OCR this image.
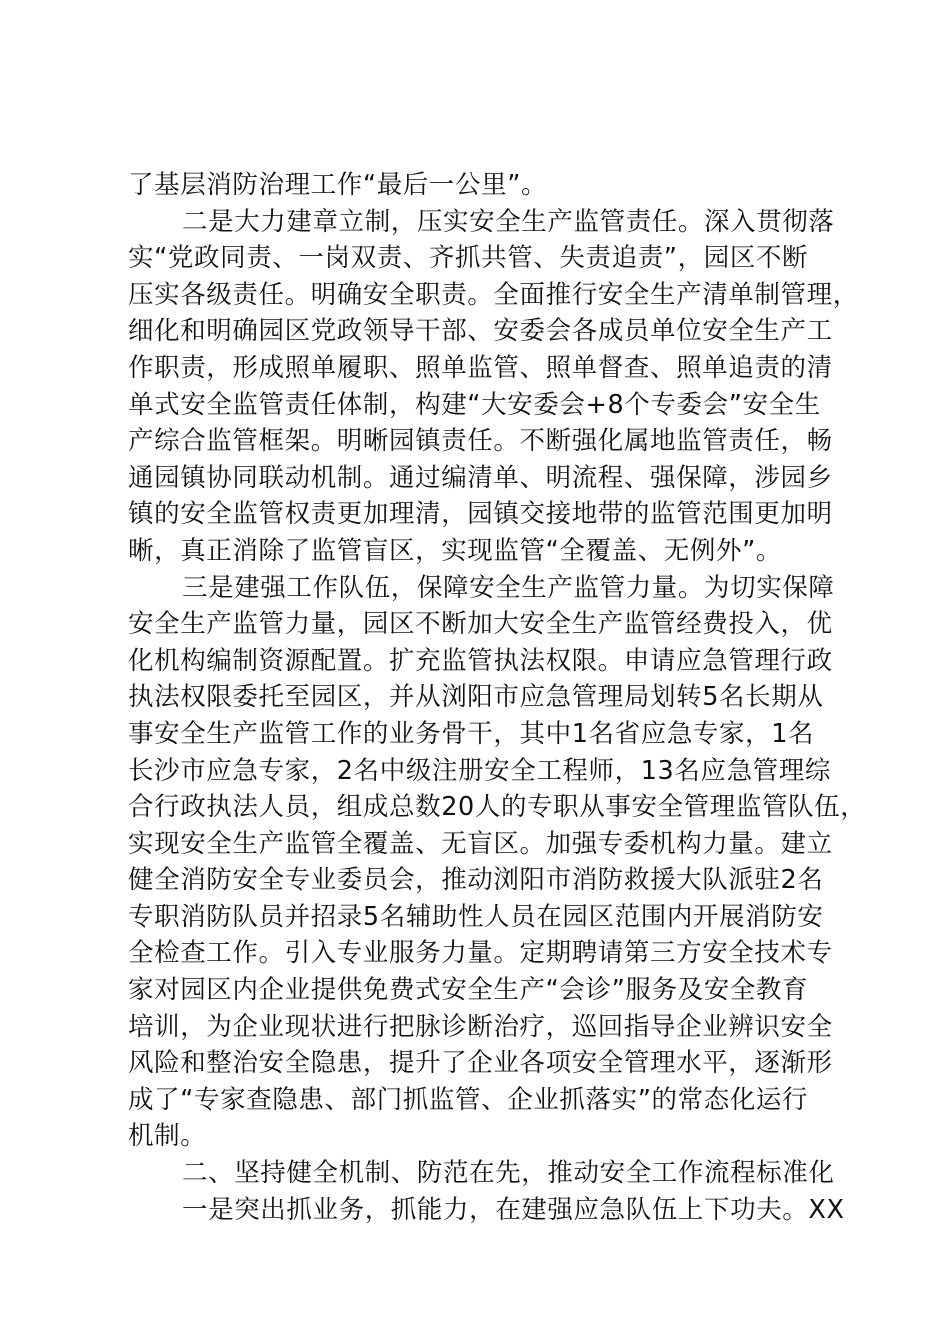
了基层消防治理工作“最后一公里”。
二是大力建章立制，压实安全生产监管责任。深入贯彻落
实“党政同责、一岗双责、齐抓共管、失责追责”，园区不断
压实各级责任。明确安全职责。全面推行安全生产清单制管理，
细化和明确园区党政领导干部、安委会各成员单位安全生产工
作职责，形成照单履职、照单监管、照单督查、照单追责的清
单式安全监管责任体制，构建“大安委会+8个专委会”安全生
产综合监管框架。明晰园镇责任。不断强化属地监管责任，畅
通园镇协同联动机制。通过编清单、明流程、强保障，涉园乡
镇的安全监管权责更加理清，园镇交接地带的监管范围更加明
晰，真正消除了监管盲区，实现监管“全覆盖、无例外”。
三是建强工作队伍，保障安全生产监管力量。为切实保障
安全生产监管力量，园区不断加大安全生产监管经费投入，优
化机构编制资源配置。扩充监管执法权限。申请应急管理行政
执法权限委托至园区，并从浏阳市应急管理局划转5名长期从
事安全生产监管工作的业务骨干，其中1名省应急专家，1名
长沙市应急专家，2名中级注册安全工程师，13名应急管理综
合行政执法人员，组成总数20人的专职从事安全管理监管队伍，
实现安全生产监管全覆盖、无盲区。加强专委机构力量。建立
健全消防安全专业委员会，推动浏阳市消防救援大队派驻2名
专职消防队员并招录5名辅助性人员在园区范围内开展消防安
全检查工作。引入专业服务力量。定期聘请第三方安全技术专
家对园区内企业提供免费式安全生产“会诊”服务及安全教育
培训，为企业现状进行把脉诊断治疗，巡回指导企业辨识安全
风险和整治安全隐患，提升了企业各项安全管理水平，逐渐形
成了“专家查隐患、部门抓监管、企业抓落实”的常态化运行
机制。
二、坚持健全机制、防范在先，推动安全工作流程标准化
一是突出抓业务，抓能力，在建强应急队伍上下功夫。XX
